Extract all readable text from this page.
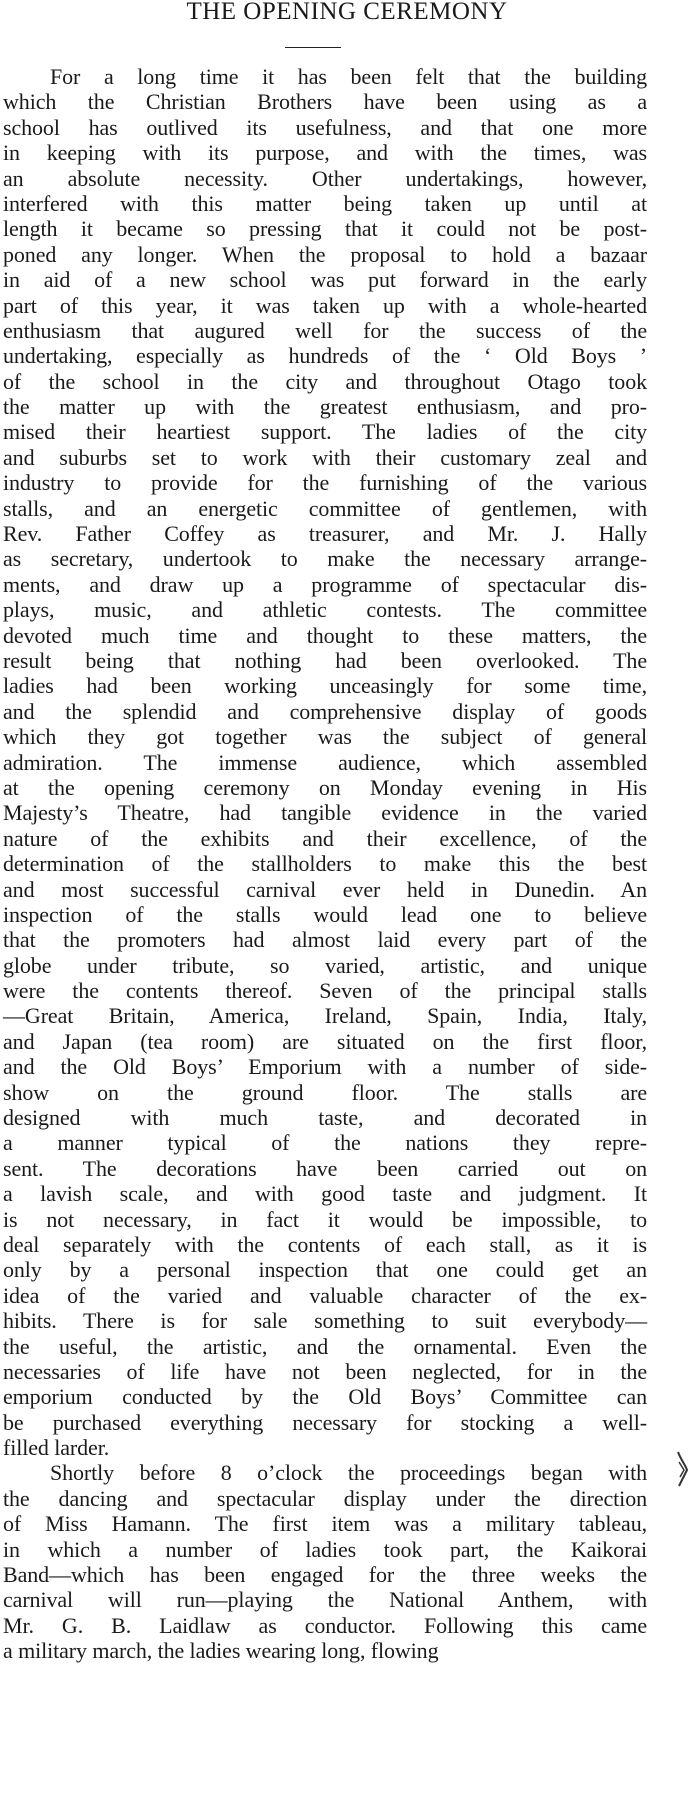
THE OPENING CEREMONY
For a long time it has been felt that the building
which the Christian Brothers have been using as a
school has outlived its usefulness, and that one more
in keeping with its purpose, and with the times, was
an absolute necessity. Other undertakings, however,
interfered with this matter being taken up until at
length it became so pressing that it could not be post-
poned any longer. When the proposal to hold a bazaar
in aid of a new school was put forward in the early
part of this year, it was taken up with a whole-hearted
enthusiasm that augured well for the success of the
undertaking, especially as hundreds of the ‘ Old Boys ’
of the school in the city and throughout Otago took
the matter up with the greatest enthusiasm, and pro-
mised their heartiest support. The ladies of the city
and suburbs set to work with their customary zeal and
industry to provide for the furnishing of the various
stalls, and an energetic committee of gentlemen, with
Rev. Father Coffey as treasurer, and Mr. J. Hally
as secretary, undertook to make the necessary arrange-
ments, and draw up a programme of spectacular dis-
plays, music, and athletic contests. The committee
devoted much time and thought to these matters, the
result being that nothing had been overlooked. The
ladies had been working unceasingly for some time,
and the splendid and comprehensive display of goods
which they got together was the subject of general
admiration. The immense audience, which assembled
at the opening ceremony on Monday evening in His
Majesty’s Theatre, had tangible evidence in the varied
nature of the exhibits and their excellence, of the
determination of the stallholders to make this the best
and most successful carnival ever held in Dunedin. An
inspection of the stalls would lead one to believe
that the promoters had almost laid every part of the
globe under tribute, so varied, artistic, and unique
were the contents thereof. Seven of the principal stalls
—Great Britain, America, Ireland, Spain, India, Italy,
and Japan (tea room) are situated on the first floor,
and the Old Boys’ Emporium with a number of side-
show on the ground floor. The stalls are
designed with much taste, and decorated in
a manner typical of the nations they repre-
sent. The decorations have been carried out on
a lavish scale, and with good taste and judgment. It
is not necessary, in fact it would be impossible, to
deal separately with the contents of each stall, as it is
only by a personal inspection that one could get an
idea of the varied and valuable character of the ex-
hibits. There is for sale something to suit everybody—
the useful, the artistic, and the ornamental. Even the
necessaries of life have not been neglected, for in the
emporium conducted by the Old Boys’ Committee can
be purchased everything necessary for stocking a well-
filled larder.
Shortly before 8 o’clock the proceedings began with
the dancing and spectacular display under the direction
of Miss Hamann. The first item was a military tableau,
in which a number of ladies took part, the Kaikorai
Band—which has been engaged for the three weeks the
carnival will run—playing the National Anthem, with
Mr. G. B. Laidlaw as conductor. Following this came
a military march, the ladies wearing long, flowing
